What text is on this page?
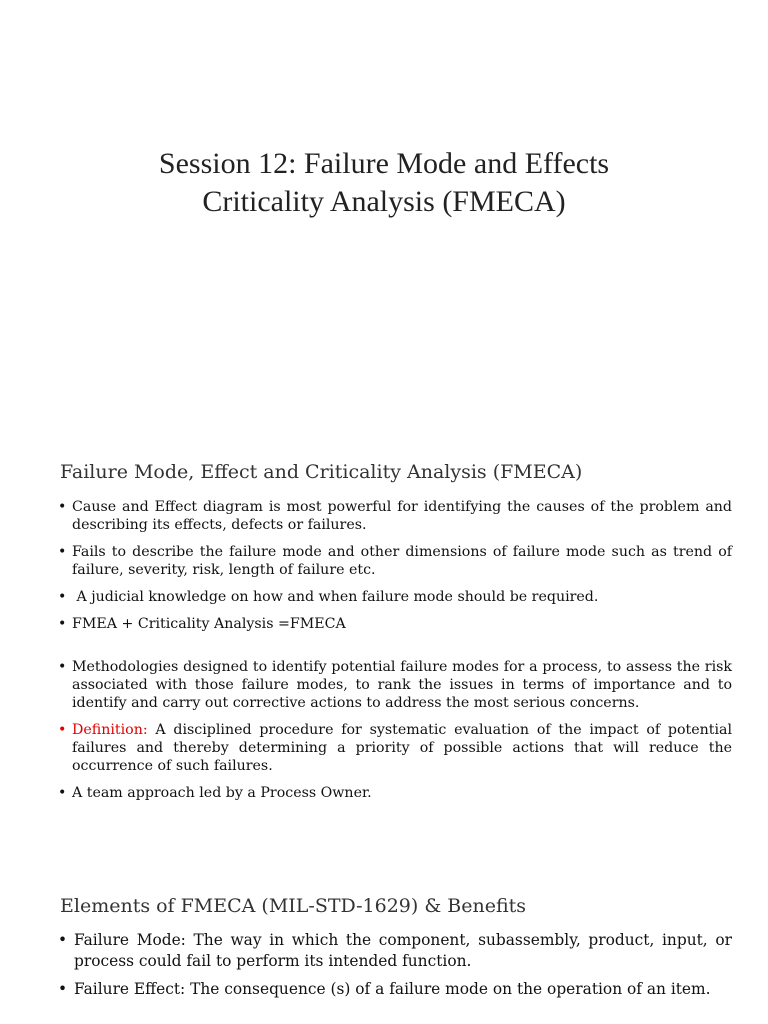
Session 12: Failure Mode and Effects
Criticality Analysis (FMECA)
Failure Mode, Effect and Criticality Analysis (FMECA)
• Cause and Effect diagram is most powerful for identifying the causes of the problem and describing its effects, defects or failures.
• Fails to describe the failure mode and other dimensions of failure mode such as trend of failure, severity, risk, length of failure etc.
• A judicial knowledge on how and when failure mode should be required.
• FMEA + Criticality Analysis =FMECA
• Methodologies designed to identify potential failure modes for a process, to assess the risk associated with those failure modes, to rank the issues in terms of importance and to identify and carry out corrective actions to address the most serious concerns.
• Definition: A disciplined procedure for systematic evaluation of the impact of potential failures and thereby determining a priority of possible actions that will reduce the occurrence of such failures.
• A team approach led by a Process Owner.
Elements of FMECA (MIL-STD-1629) & Benefits
• Failure Mode: The way in which the component, subassembly, product, input, or process could fail to perform its intended function.
• Failure Effect: The consequence (s) of a failure mode on the operation of an item.
